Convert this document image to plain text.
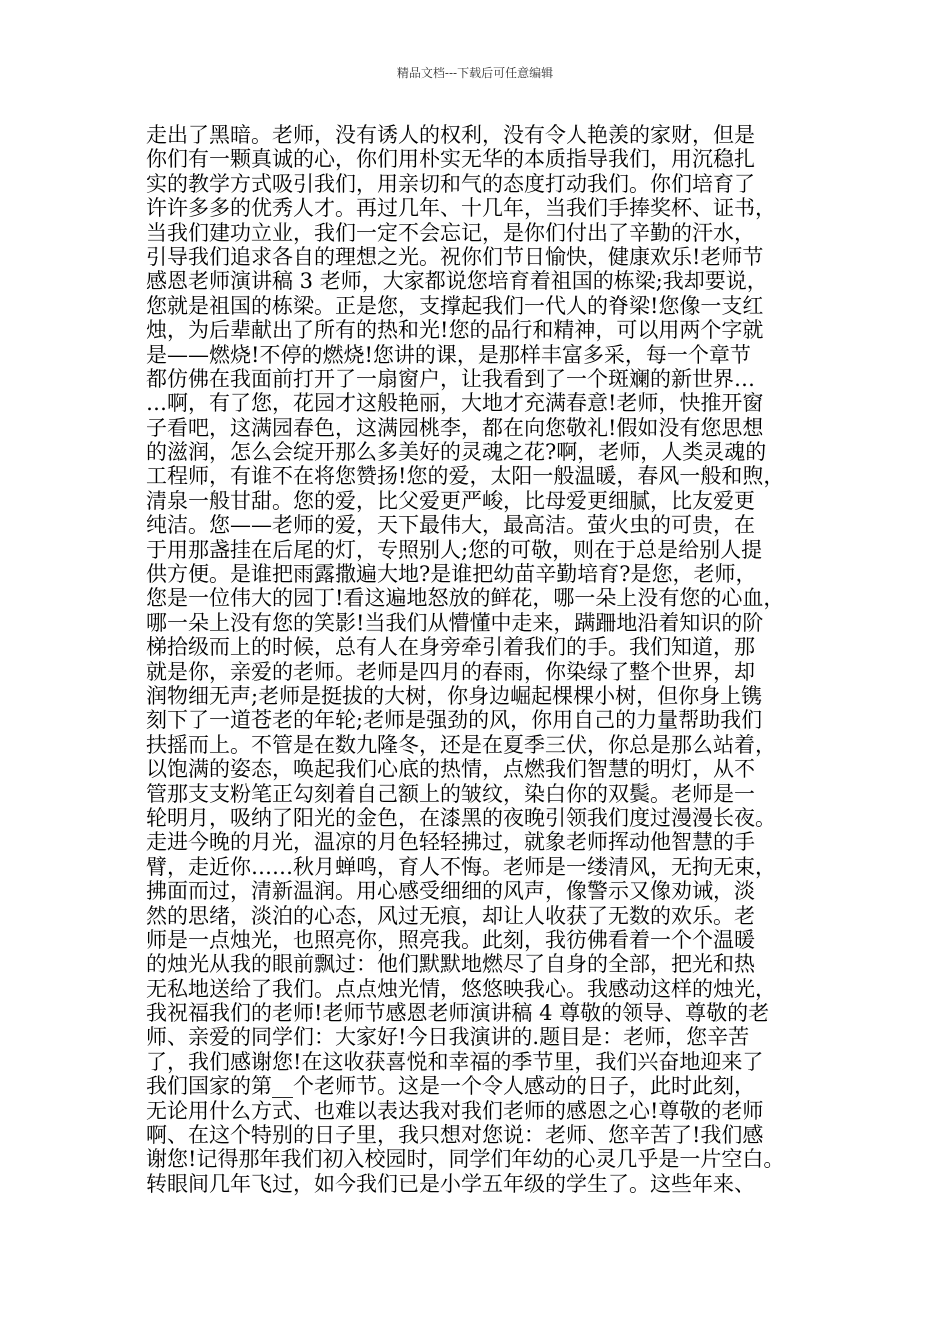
精品文档---下载后可任意编辑
走出了黑暗。老师，没有诱人的权利，没有令人艳羡的家财，但是
你们有一颗真诚的心，你们用朴实无华的本质指导我们，用沉稳扎
实的教学方式吸引我们，用亲切和气的态度打动我们。你们培育了
许许多多的优秀人才。再过几年、十几年，当我们手捧奖杯、证书，
当我们建功立业，我们一定不会忘记，是你们付出了辛勤的汗水，
引导我们追求各自的理想之光。祝你们节日愉快，健康欢乐!老师节
感恩老师演讲稿 3 老师，大家都说您培育着祖国的栋梁;我却要说，
您就是祖国的栋梁。正是您，支撑起我们一代人的脊梁!您像一支红
烛，为后辈献出了所有的热和光!您的品行和精神，可以用两个字就
是——燃烧!不停的燃烧!您讲的课，是那样丰富多采，每一个章节
都仿佛在我面前打开了一扇窗户，让我看到了一个斑斓的新世界…
…啊，有了您，花园才这般艳丽，大地才充满春意!老师，快推开窗
子看吧，这满园春色，这满园桃李，都在向您敬礼!假如没有您思想
的滋润，怎么会绽开那么多美好的灵魂之花?啊，老师，人类灵魂的
工程师，有谁不在将您赞扬!您的爱，太阳一般温暖，春风一般和煦，
清泉一般甘甜。您的爱，比父爱更严峻，比母爱更细腻，比友爱更
纯洁。您——老师的爱，天下最伟大，最高洁。萤火虫的可贵，在
于用那盏挂在后尾的灯，专照别人;您的可敬，则在于总是给别人提
供方便。是谁把雨露撒遍大地?是谁把幼苗辛勤培育?是您，老师，
您是一位伟大的园丁!看这遍地怒放的鲜花，哪一朵上没有您的心血，
哪一朵上没有您的笑影!当我们从懵懂中走来，蹒跚地沿着知识的阶
梯拾级而上的时候，总有人在身旁牵引着我们的手。我们知道，那
就是你，亲爱的老师。老师是四月的春雨，你染绿了整个世界，却
润物细无声;老师是挺拔的大树，你身边崛起棵棵小树，但你身上镌
刻下了一道苍老的年轮;老师是强劲的风，你用自己的力量帮助我们
扶摇而上。不管是在数九隆冬，还是在夏季三伏，你总是那么站着，
以饱满的姿态，唤起我们心底的热情，点燃我们智慧的明灯，从不
管那支支粉笔正勾刻着自己额上的皱纹，染白你的双鬓。老师是一
轮明月，吸纳了阳光的金色，在漆黑的夜晚引领我们度过漫漫长夜。
走进今晚的月光，温凉的月色轻轻拂过，就象老师挥动他智慧的手
臂，走近你……秋月蝉鸣，育人不悔。老师是一缕清风，无拘无束，
拂面而过，清新温润。用心感受细细的风声，像警示又像劝诫，淡
然的思绪，淡泊的心态，风过无痕，却让人收获了无数的欢乐。老
师是一点烛光，也照亮你，照亮我。此刻，我彷佛看着一个个温暖
的烛光从我的眼前飘过：他们默默地燃尽了自身的全部，把光和热
无私地送给了我们。点点烛光情，悠悠映我心。我感动这样的烛光，
我祝福我们的老师!老师节感恩老师演讲稿 4 尊敬的领导、尊敬的老
师、亲爱的同学们：大家好!今日我演讲的.题目是：老师，您辛苦
了，我们感谢您!在这收获喜悦和幸福的季节里，我们兴奋地迎来了
我们国家的第__个老师节。这是一个令人感动的日子，此时此刻，
无论用什么方式、也难以表达我对我们老师的感恩之心!尊敬的老师
啊、在这个特别的日子里，我只想对您说：老师、您辛苦了!我们感
谢您!记得那年我们初入校园时，同学们年幼的心灵几乎是一片空白。
转眼间几年飞过，如今我们已是小学五年级的学生了。这些年来、
